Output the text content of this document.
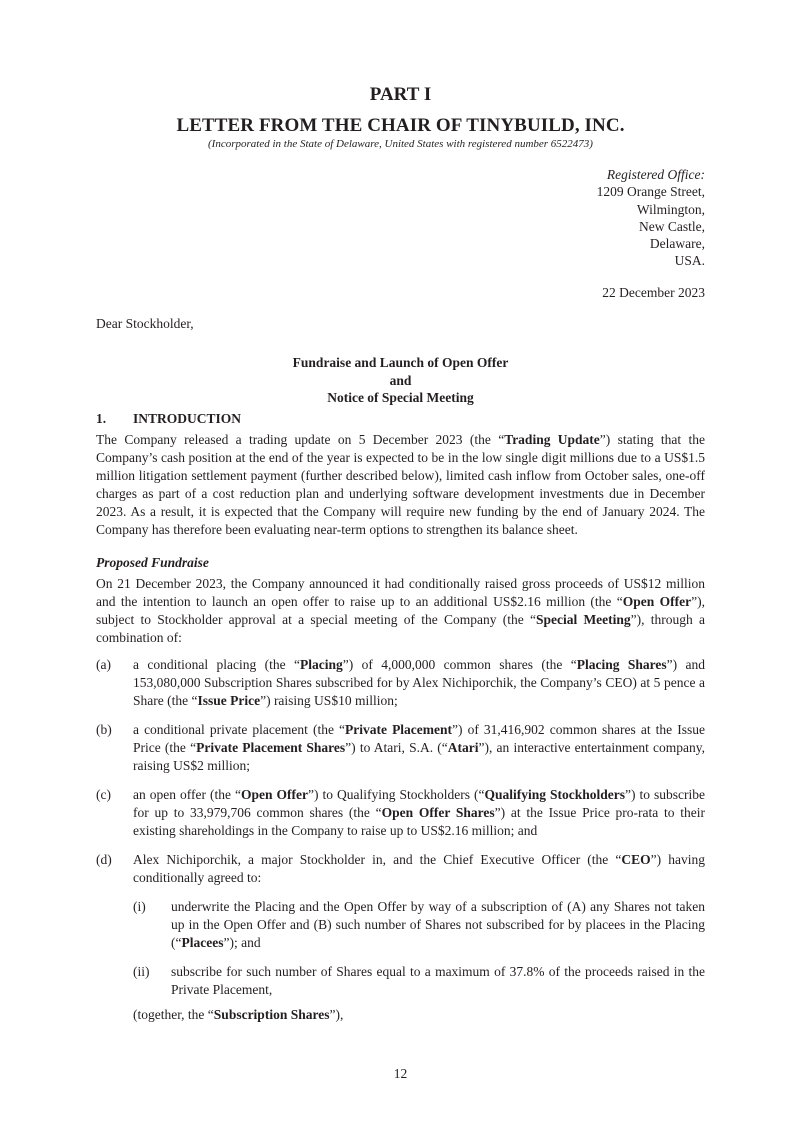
PART I
LETTER FROM THE CHAIR OF TINYBUILD, INC.
(Incorporated in the State of Delaware, United States with registered number 6522473)
Registered Office:
1209 Orange Street,
Wilmington,
New Castle,
Delaware,
USA.
22 December 2023
Dear Stockholder,
Fundraise and Launch of Open Offer
and
Notice of Special Meeting
1. INTRODUCTION
The Company released a trading update on 5 December 2023 (the “Trading Update”) stating that the Company’s cash position at the end of the year is expected to be in the low single digit millions due to a US$1.5 million litigation settlement payment (further described below), limited cash inflow from October sales, one-off charges as part of a cost reduction plan and underlying software development investments due in December 2023. As a result, it is expected that the Company will require new funding by the end of January 2024. The Company has therefore been evaluating near-term options to strengthen its balance sheet.
Proposed Fundraise
On 21 December 2023, the Company announced it had conditionally raised gross proceeds of US$12 million and the intention to launch an open offer to raise up to an additional US$2.16 million (the “Open Offer”), subject to Stockholder approval at a special meeting of the Company (the “Special Meeting”), through a combination of:
(a) a conditional placing (the “Placing”) of 4,000,000 common shares (the “Placing Shares”) and 153,080,000 Subscription Shares subscribed for by Alex Nichiporchik, the Company’s CEO) at 5 pence a Share (the “Issue Price”) raising US$10 million;
(b) a conditional private placement (the “Private Placement”) of 31,416,902 common shares at the Issue Price (the “Private Placement Shares”) to Atari, S.A. (“Atari”), an interactive entertainment company, raising US$2 million;
(c) an open offer (the “Open Offer”) to Qualifying Stockholders (“Qualifying Stockholders”) to subscribe for up to 33,979,706 common shares (the “Open Offer Shares”) at the Issue Price pro-rata to their existing shareholdings in the Company to raise up to US$2.16 million; and
(d) Alex Nichiporchik, a major Stockholder in, and the Chief Executive Officer (the “CEO”) having conditionally agreed to:
(i) underwrite the Placing and the Open Offer by way of a subscription of (A) any Shares not taken up in the Open Offer and (B) such number of Shares not subscribed for by placees in the Placing (“Placees”); and
(ii) subscribe for such number of Shares equal to a maximum of 37.8% of the proceeds raised in the Private Placement,
(together, the “Subscription Shares”),
12
